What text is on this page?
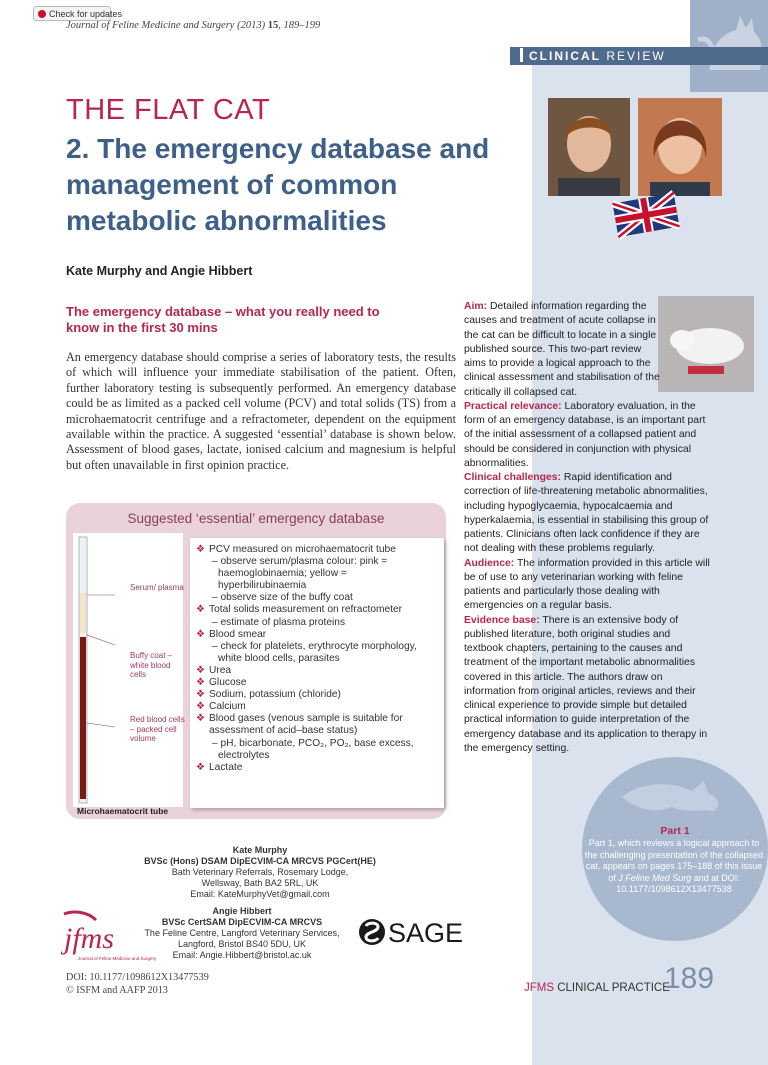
Check for updates
Journal of Feline Medicine and Surgery (2013) 15, 189–199
CLINICAL REVIEW
THE FLAT CAT
2. The emergency database and management of common metabolic abnormalities
Kate Murphy and Angie Hibbert
The emergency database – what you really need to know in the first 30 mins

An emergency database should comprise a series of laboratory tests, the results of which will influence your immediate stabilisation of the patient. Often, further laboratory testing is subsequently performed. An emergency database could be as limited as a packed cell volume (PCV) and total solids (TS) from a microhaematocrit centrifuge and a refractometer, dependent on the equipment available within the practice. A suggested ‘essential’ database is shown below. Assessment of blood gases, lactate, ionised calcium and magnesium is helpful but often unavailable in first opinion practice.

Suggested ‘essential’ emergency database
Serum/ plasma
Buffy coat – white blood cells
Red blood cells – packed cell volume
Microhaematocrit tube
❖ PCV measured on microhaematocrit tube
– observe serum/plasma colour: pink = haemoglobinaemia; yellow = hyperbilirubinaemia
– observe size of the buffy coat
❖ Total solids measurement on refractometer
– estimate of plasma proteins
❖ Blood smear
– check for platelets, erythrocyte morphology, white blood cells, parasites
❖ Urea
❖ Glucose
❖ Sodium, potassium (chloride)
❖ Calcium
❖ Blood gases (venous sample is suitable for assessment of acid–base status)
– pH, bicarbonate, PCO₂, PO₂, base excess, electrolytes
❖ Lactate

Aim: Detailed information regarding the causes and treatment of acute collapse in the cat can be difficult to locate in a single published source. This two-part review aims to provide a logical approach to the clinical assessment and stabilisation of the critically ill collapsed cat.
Practical relevance: Laboratory evaluation, in the form of an emergency database, is an important part of the initial assessment of a collapsed patient and should be considered in conjunction with physical abnormalities.
Clinical challenges: Rapid identification and correction of life-threatening metabolic abnormalities, including hypoglycaemia, hypocalcaemia and hyperkalaemia, is essential in stabilising this group of patients. Clinicians often lack confidence if they are not dealing with these problems regularly.
Audience: The information provided in this article will be of use to any veterinarian working with feline patients and particularly those dealing with emergencies on a regular basis.
Evidence base: There is an extensive body of published literature, both original studies and textbook chapters, pertaining to the causes and treatment of the important metabolic abnormalities covered in this article. The authors draw on information from original articles, reviews and their clinical experience to provide simple but detailed practical information to guide interpretation of the emergency database and its application to therapy in the emergency setting.

Part 1
Part 1, which reviews a logical approach to the challenging presentation of the collapsed cat, appears on pages 175–188 of this issue of J Feline Med Surg and at DOI: 10.1177/1098612X13477538
Kate Murphy
BVSc (Hons) DSAM DipECVIM-CA MRCVS PGCert(HE)
Bath Veterinary Referrals, Rosemary Lodge,
Wellsway, Bath BA2 5RL, UK
Email: KateMurphyVet@gmail.com
Angie Hibbert
BVSc CertSAM DipECVIM-CA MRCVS
The Feline Centre, Langford Veterinary Services,
Langford, Bristol BS40 5DU, UK
Email: Angie.Hibbert@bristol.ac.uk
jfms
Journal of Feline Medicine and Surgery
SAGE
DOI: 10.1177/1098612X13477539
© ISFM and AAFP 2013	JFMS CLINICAL PRACTICE
189
